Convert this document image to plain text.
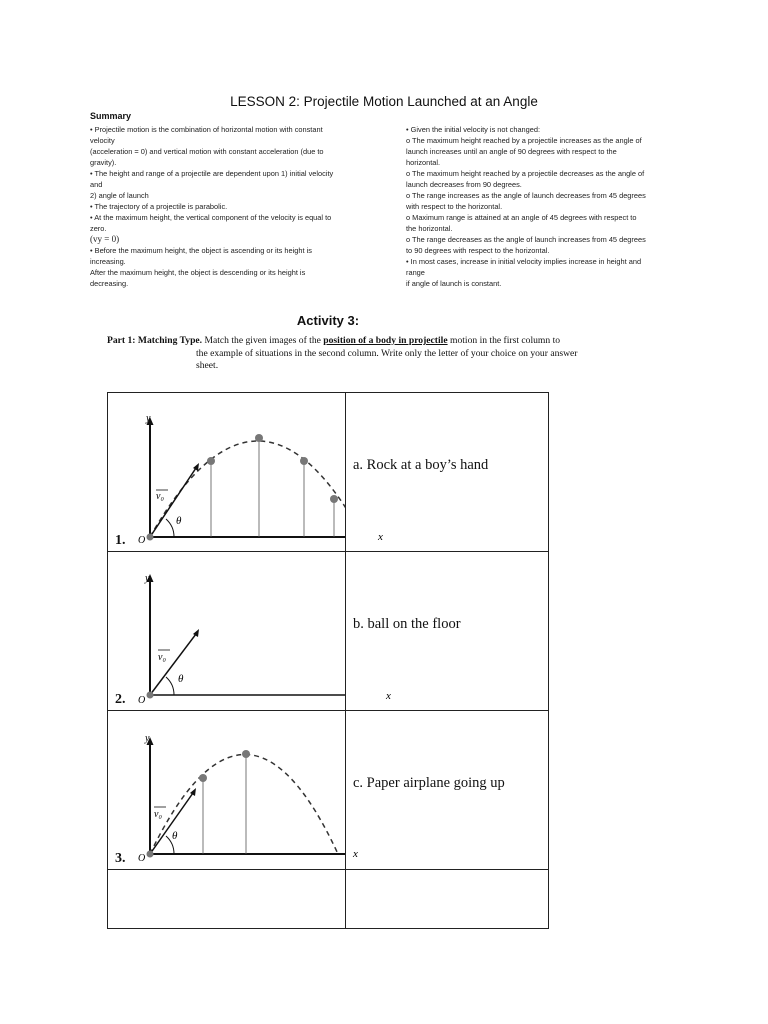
LESSON 2: Projectile Motion Launched at an Angle
Summary
• Projectile motion is the combination of horizontal motion with constant
velocity
(acceleration = 0) and vertical motion with constant acceleration (due to
gravity).
• The height and range of a projectile are dependent upon 1) initial velocity
and
2) angle of launch
• The trajectory of a projectile is parabolic.
• At the maximum height, the vertical component of the velocity is equal to
zero.
(vy = 0)
• Before the maximum height, the object is ascending or its height is
increasing.
After the maximum height, the object is descending or its height is
decreasing.
• Given the initial velocity is not changed:
o The maximum height reached by a projectile increases as the angle of
launch increases until an angle of 90 degrees with respect to the
horizontal.
o The maximum height reached by a projectile decreases as the angle of
launch decreases from 90 degrees.
o The range increases as the angle of launch decreases from 45 degrees
with respect to the horizontal.
o Maximum range is attained at an angle of 45 degrees with respect to
the horizontal.
o The range decreases as the angle of launch increases from 45 degrees
to 90 degrees with respect to the horizontal.
• In most cases, increase in initial velocity implies increase in height and
range
if angle of launch is constant.
Activity 3:
Part 1: Matching Type. Match the given images of the position of a body in projectile motion in the first column to
the example of situations in the second column. Write only the letter of your choice on your answer
sheet.
θ
v₀
y
O
1.	a. Rock at a boy’s hand

θ
v₀
y
O
2.	b. ball on the floor

θ
v₀
y
O
3.	c. Paper airplane going up

x
x
x
